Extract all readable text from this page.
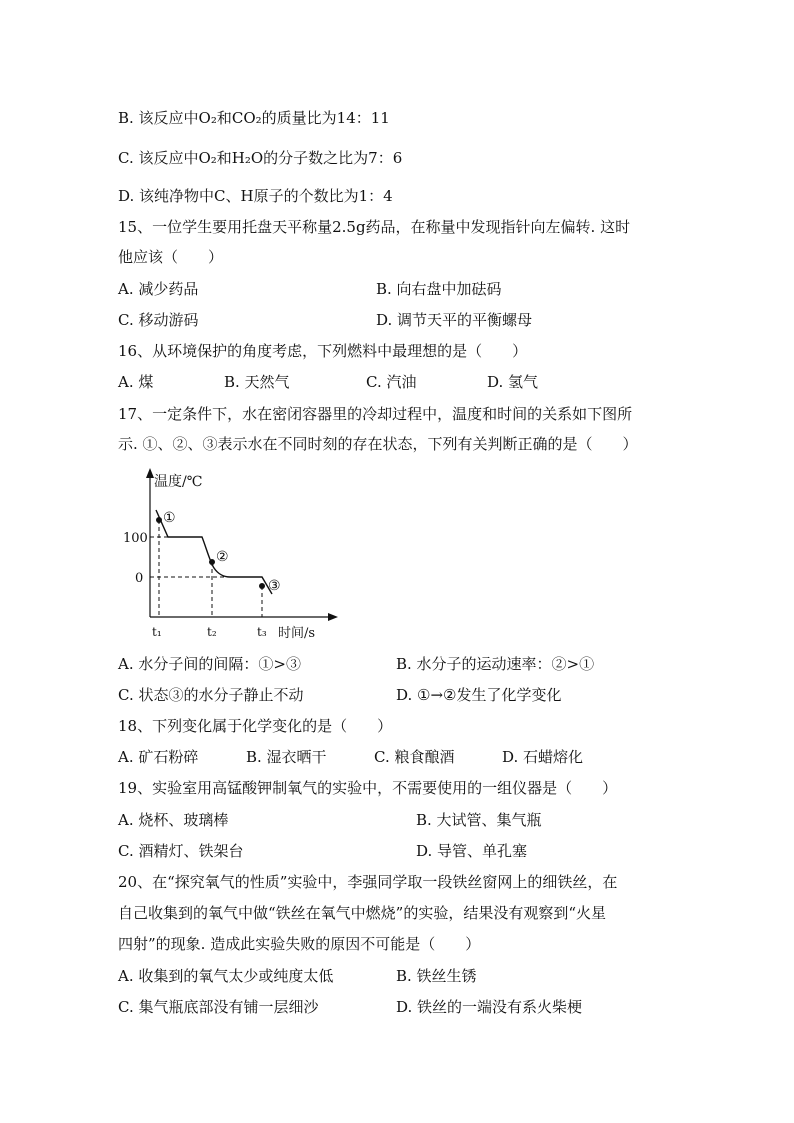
B. 该反应中O₂和CO₂的质量比为14：11
C. 该反应中O₂和H₂O的分子数之比为7：6
D. 该纯净物中C、H原子的个数比为1：4
15、一位学生要用托盘天平称量2.5g药品，在称量中发现指针向左偏转. 这时
他应该（　　）
A. 减少药品	B. 向右盘中加砝码
C. 移动游码	D. 调节天平的平衡螺母
16、从环境保护的角度考虑，下列燃料中最理想的是（　　）
A. 煤	B. 天然气	C. 汽油	D. 氢气
17、一定条件下，水在密闭容器里的冷却过程中，温度和时间的关系如下图所
示. ①、②、③表示水在不同时刻的存在状态，下列有关判断正确的是（　　）
温度/℃
时间/s
100
0
t₁	t₂	t₃
①
②
③
A. 水分子间的间隔：①>③	B. 水分子的运动速率：②>①
C. 状态③的水分子静止不动	D. ①→②发生了化学变化
18、下列变化属于化学变化的是（　　）
A. 矿石粉碎	B. 湿衣晒干	C. 粮食酿酒	D. 石蜡熔化
19、实验室用高锰酸钾制氧气的实验中，不需要使用的一组仪器是（　　）
A. 烧杯、玻璃棒	B. 大试管、集气瓶
C. 酒精灯、铁架台	D. 导管、单孔塞
20、在“探究氧气的性质”实验中，李强同学取一段铁丝窗网上的细铁丝，在
自己收集到的氧气中做“铁丝在氧气中燃烧”的实验，结果没有观察到“火星
四射”的现象. 造成此实验失败的原因不可能是（　　）
A. 收集到的氧气太少或纯度太低	B. 铁丝生锈
C. 集气瓶底部没有铺一层细沙	D. 铁丝的一端没有系火柴梗
